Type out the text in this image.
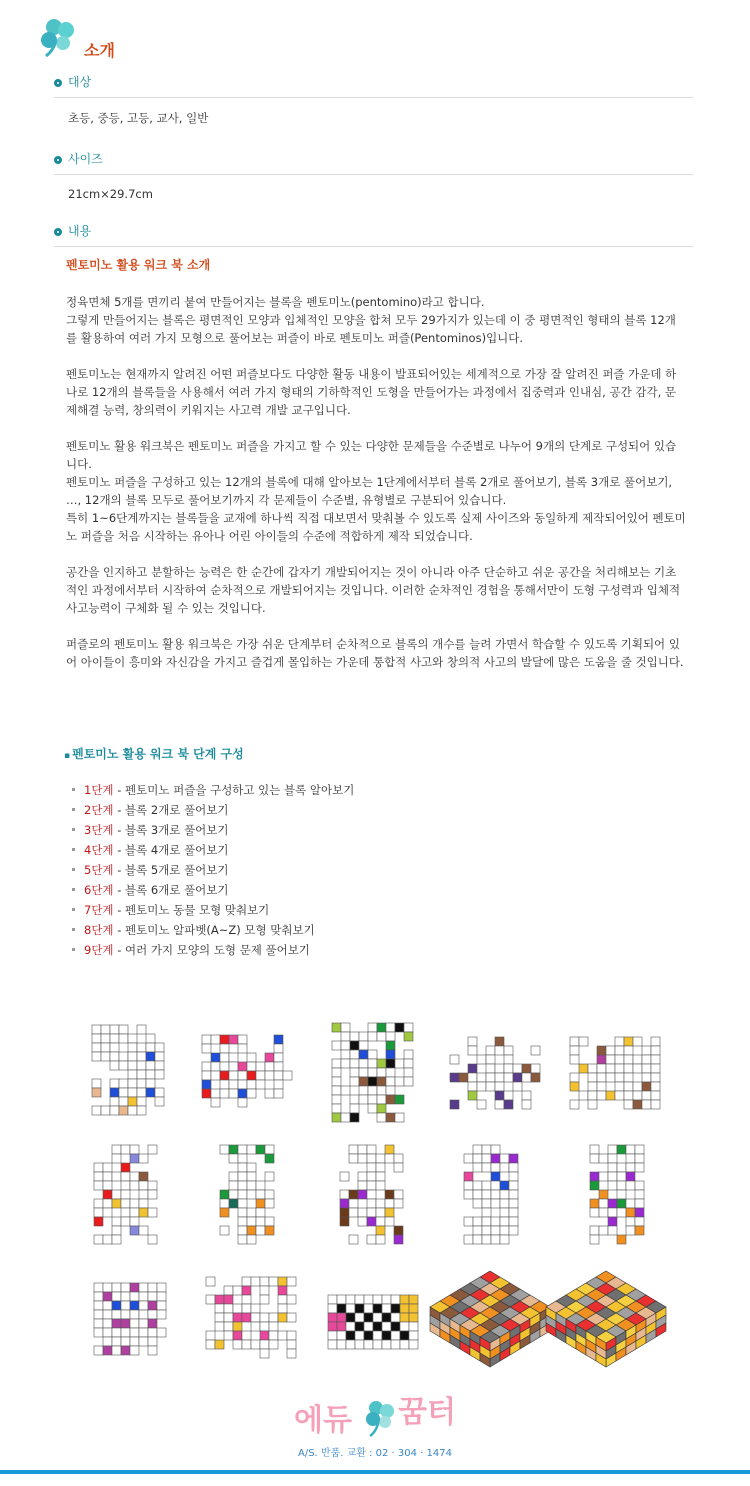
소개
대상
초등, 중등, 고등, 교사, 일반
사이즈
21cm×29.7cm
내용
펜토미노 활용 워크 북 소개

정육면체 5개를 면끼리 붙여 만들어지는 블록을 펜토미노(pentomino)라고 합니다.
그렇게 만들어지는 블록은 평면적인 모양과 입체적인 모양을 합쳐 모두 29가지가 있는데 이 중 평면적인 형태의 블록 12개를 활용하여 여러 가지 모형으로 풀어보는 퍼즐이 바로 펜토미노 퍼즐(Pentominos)입니다.

펜토미노는 현재까지 알려진 어떤 퍼즐보다도 다양한 활동 내용이 발표되어있는 세계적으로 가장 잘 알려진 퍼즐 가운데 하나로 12개의 블록들을 사용해서 여러 가지 형태의 기하학적인 도형을 만들어가는 과정에서 집중력과 인내심, 공간 감각, 문제해결 능력, 창의력이 키워지는 사고력 개발 교구입니다.

펜토미노 활용 워크북은 펜토미노 퍼즐을 가지고 할 수 있는 다양한 문제들을 수준별로 나누어 9개의 단계로 구성되어 있습니다.
펜토미노 퍼즐을 구성하고 있는 12개의 블록에 대해 알아보는 1단계에서부터 블록 2개로 풀어보기, 블록 3개로 풀어보기, …, 12개의 블록 모두로 풀어보기까지 각 문제들이 수준별, 유형별로 구분되어 있습니다.
특히 1~6단계까지는 블록들을 교재에 하나씩 직접 대보면서 맞춰볼 수 있도록 실제 사이즈와 동일하게 제작되어있어 펜토미노 퍼즐을 처음 시작하는 유아나 어린 아이들의 수준에 적합하게 제작 되었습니다.

공간을 인지하고 분할하는 능력은 한 순간에 갑자기 개발되어지는 것이 아니라 아주 단순하고 쉬운 공간을 처리해보는 기초적인 과정에서부터 시작하여 순차적으로 개발되어지는 것입니다. 이러한 순차적인 경험을 통해서만이 도형 구성력과 입체적 사고능력이 구체화 될 수 있는 것입니다.

퍼즐로의 펜토미노 활용 워크북은 가장 쉬운 단계부터 순차적으로 블록의 개수를 늘려 가면서 학습할 수 있도록 기획되어 있어 아이들이 흥미와 자신감을 가지고 즐겁게 몰입하는 가운데 통합적 사고와 창의적 사고의 발달에 많은 도움을 줄 것입니다.

▪ 펜토미노 활용 워크 북 단계 구성
1단계 - 펜토미노 퍼즐을 구성하고 있는 블록 알아보기
2단계 - 블록 2개로 풀어보기
3단계 - 블록 3개로 풀어보기
4단계 - 블록 4개로 풀어보기
5단계 - 블록 5개로 풀어보기
6단계 - 블록 6개로 풀어보기
7단계 - 펜토미노 동물 모형 맞춰보기
8단계 - 펜토미노 알파벳(A~Z) 모형 맞춰보기
9단계 - 여러 가지 모양의 도형 문제 풀어보기
에듀 꿈터
A/S. 반품. 교환 : 02 · 304 · 1474
